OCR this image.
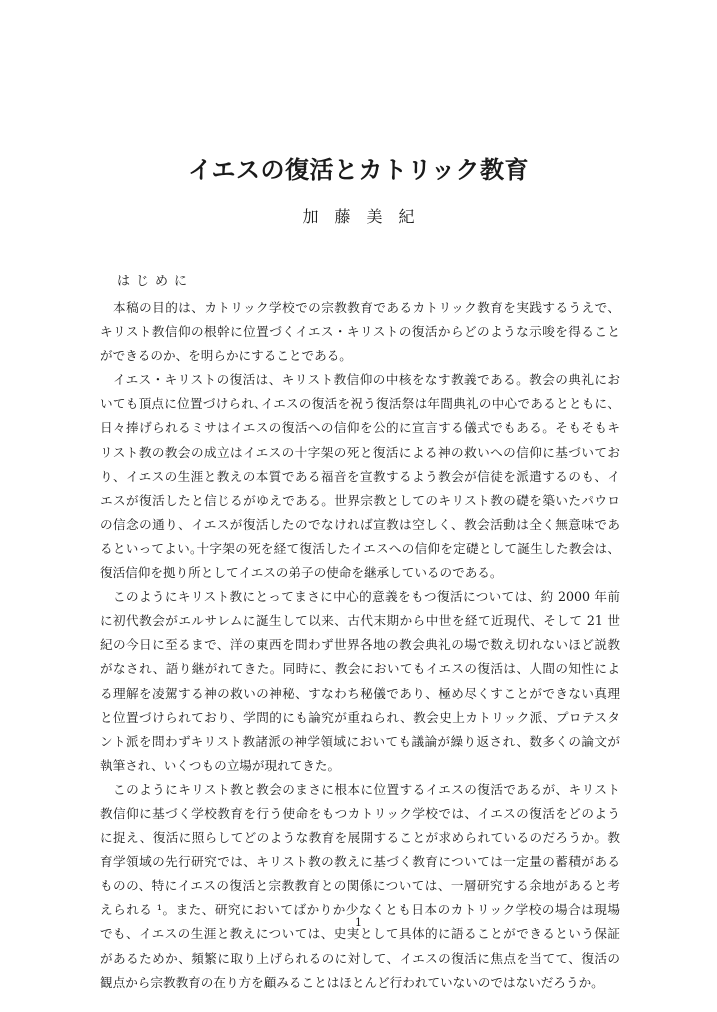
イエスの復活とカトリック教育
加藤美紀
はじめに
　本稿の目的は、カトリック学校での宗教教育であるカトリック教育を実践するうえで、
キリスト教信仰の根幹に位置づくイエス・キリストの復活からどのような示唆を得ること
ができるのか、を明らかにすることである。
　イエス・キリストの復活は、キリスト教信仰の中核をなす教義である。教会の典礼にお
いても頂点に位置づけられ､イエスの復活を祝う復活祭は年間典礼の中心であるとともに、
日々捧げられるミサはイエスの復活への信仰を公的に宣言する儀式でもある。そもそもキ
リスト教の教会の成立はイエスの十字架の死と復活による神の救いへの信仰に基づいてお
り、イエスの生涯と教えの本質である福音を宣教するよう教会が信徒を派遣するのも、イ
エスが復活したと信じるがゆえである。世界宗教としてのキリスト教の礎を築いたパウロ
の信念の通り、イエスが復活したのでなければ宣教は空しく、教会活動は全く無意味であ
るといってよい｡十字架の死を経て復活したイエスへの信仰を定礎として誕生した教会は、
復活信仰を拠り所としてイエスの弟子の使命を継承しているのである。
　このようにキリスト教にとってまさに中心的意義をもつ復活については、約 2000 年前
に初代教会がエルサレムに誕生して以来、古代末期から中世を経て近現代、そして 21 世
紀の今日に至るまで、洋の東西を問わず世界各地の教会典礼の場で数え切れないほど説教
がなされ、語り継がれてきた。同時に、教会においてもイエスの復活は、人間の知性によ
る理解を凌駕する神の救いの神秘、すなわち秘儀であり、極め尽くすことができない真理
と位置づけられており、学問的にも論究が重ねられ、教会史上カトリック派、プロテスタ
ント派を問わずキリスト教諸派の神学領域においても議論が繰り返され、数多くの論文が
執筆され、いくつもの立場が現れてきた。
　このようにキリスト教と教会のまさに根本に位置するイエスの復活であるが、キリスト
教信仰に基づく学校教育を行う使命をもつカトリック学校では、イエスの復活をどのよう
に捉え、復活に照らしてどのような教育を展開することが求められているのだろうか。教
育学領域の先行研究では、キリスト教の教えに基づく教育については一定量の蓄積がある
ものの、特にイエスの復活と宗教教育との関係については、一層研究する余地があると考
えられる ¹。また、研究においてばかりか少なくとも日本のカトリック学校の場合は現場
でも、イエスの生涯と教えについては、史実として具体的に語ることができるという保証
があるためか、頻繁に取り上げられるのに対して、イエスの復活に焦点を当てて、復活の
観点から宗教教育の在り方を顧みることはほとんど行われていないのではないだろうか。
1
